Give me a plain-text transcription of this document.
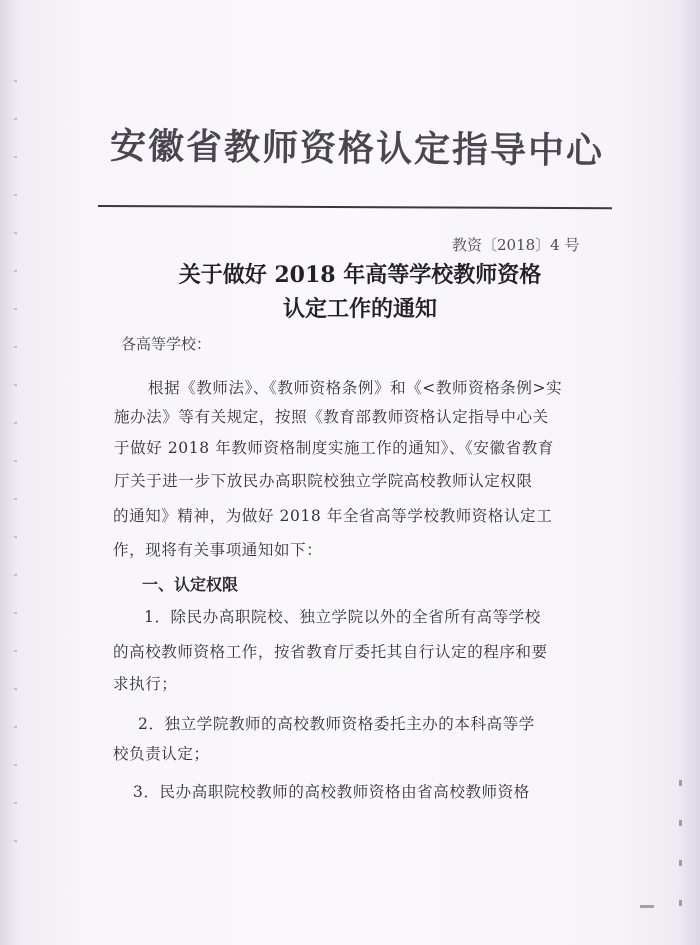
安徽省教师资格认定指导中心
教资〔2018〕4 号
关于做好 2018 年高等学校教师资格
认定工作的通知
各高等学校：
根据《教师法》、《教师资格条例》和《<教师资格条例>实
施办法》等有关规定，按照《教育部教师资格认定指导中心关
于做好 2018 年教师资格制度实施工作的通知》、《安徽省教育
厅关于进一步下放民办高职院校独立学院高校教师认定权限
的通知》精神，为做好 2018 年全省高等学校教师资格认定工
作，现将有关事项通知如下：
一、认定权限
1．除民办高职院校、独立学院以外的全省所有高等学校
的高校教师资格工作，按省教育厅委托其自行认定的程序和要
求执行；
2．独立学院教师的高校教师资格委托主办的本科高等学
校负责认定；
3．民办高职院校教师的高校教师资格由省高校教师资格
